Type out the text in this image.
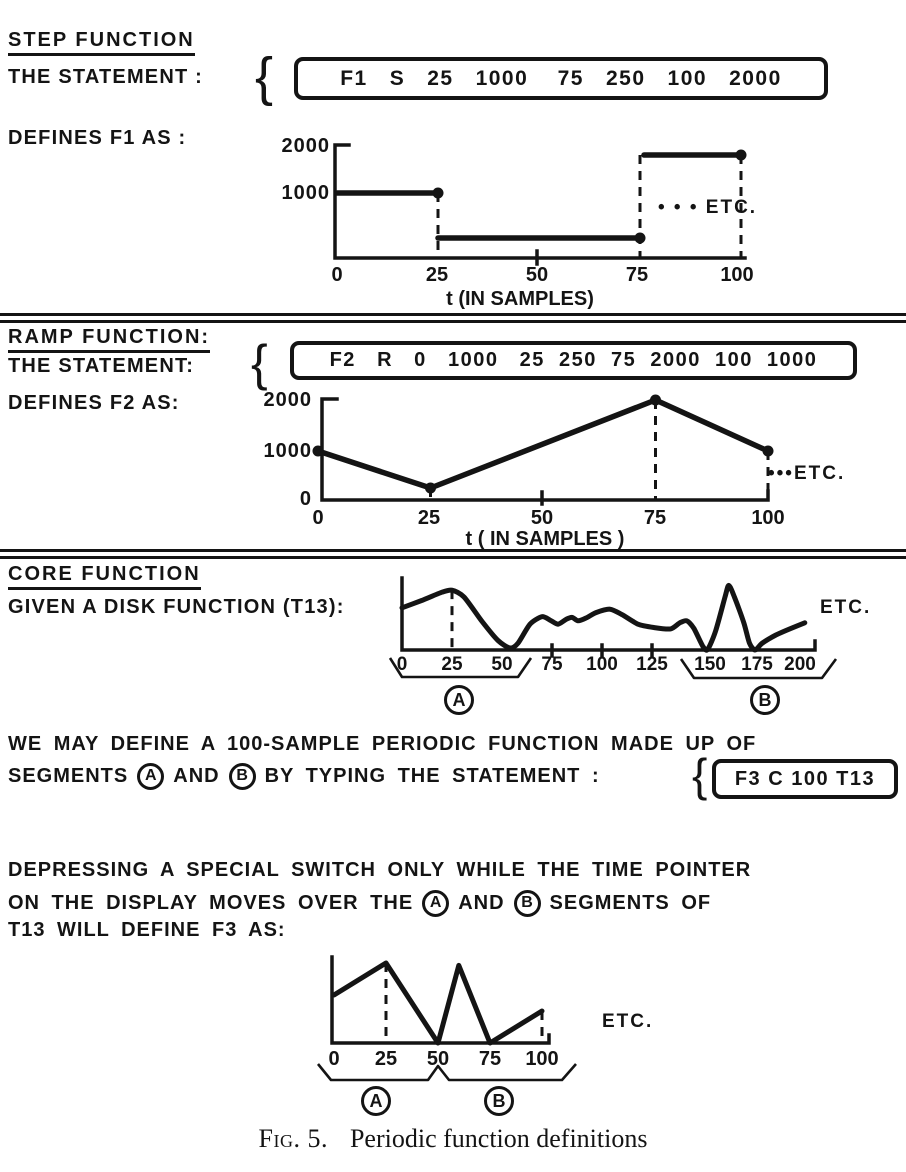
STEP FUNCTION
THE STATEMENT : {	F1   S   25   1000    75   250   100   2000
DEFINES F1 AS :	2000
1000
0	25	50	75	100
t (IN SAMPLES)
• • • ETC.
RAMP FUNCTION:
THE STATEMENT: {	F2   R   0   1000   25  250  75  2000  100  1000
DEFINES F2 AS:	2000
1000
0
0	25	50	75	100
t ( IN SAMPLES )
•••ETC.
CORE FUNCTION
GIVEN A DISK FUNCTION (T13):
0	25	50	75	100 125	150 175 200
ETC.
A	B
WE MAY DEFINE A 100-SAMPLE PERIODIC FUNCTION MADE UP OF
SEGMENTS	A AND	B BY TYPING THE STATEMENT : {	F3 C 100 T13
DEPRESSING A SPECIAL SWITCH ONLY WHILE THE TIME POINTER
ON THE DISPLAY MOVES OVER THE	A AND	B SEGMENTS OF
T13 WILL DEFINE F3 AS:
0	25	50	75	100
ETC.
A	B
Fig. 5. Periodic function definitions
